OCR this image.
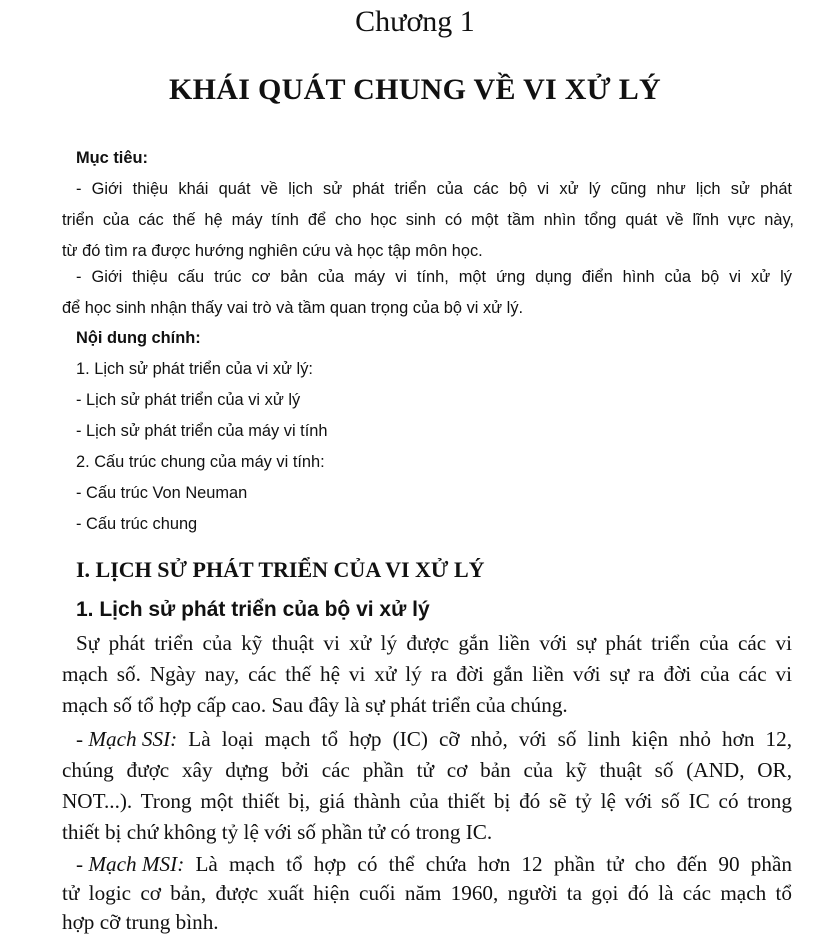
Chương 1
KHÁI QUÁT CHUNG VỀ VI XỬ LÝ
Mục tiêu:
- Giới thiệu khái quát về lịch sử phát triển của các bộ vi xử lý cũng như lịch sử phát
triển của các thế hệ máy tính để cho học sinh có một tầm nhìn tổng quát về lĩnh vực này,
từ đó tìm ra được hướng nghiên cứu và học tập môn học.
- Giới thiệu cấu trúc cơ bản của máy vi tính, một ứng dụng điển hình của bộ vi xử lý
để học sinh nhận thấy vai trò và tầm quan trọng của bộ vi xử lý.
Nội dung chính:
1. Lịch sử phát triển của vi xử lý:
- Lịch sử phát triển của vi xử lý
- Lịch sử phát triển của máy vi tính
2. Cấu trúc chung của máy vi tính:
- Cấu trúc Von Neuman
- Cấu trúc chung
I. LỊCH SỬ PHÁT TRIỂN CỦA VI XỬ LÝ
1. Lịch sử phát triển của bộ vi xử lý
Sự phát triển của kỹ thuật vi xử lý được gắn liền với sự phát triển của các vi
mạch số. Ngày nay, các thế hệ vi xử lý ra đời gắn liền với sự ra đời của các vi
mạch số tổ hợp cấp cao. Sau đây là sự phát triển của chúng.
- Mạch SSI: Là loại mạch tổ hợp (IC) cỡ nhỏ, với số linh kiện nhỏ hơn 12,
chúng được xây dựng bởi các phần tử cơ bản của kỹ thuật số (AND, OR,
NOT...). Trong một thiết bị, giá thành của thiết bị đó sẽ tỷ lệ với số IC có trong
thiết bị chứ không tỷ lệ với số phần tử có trong IC.
- Mạch MSI: Là mạch tổ hợp có thể chứa hơn 12 phần tử cho đến 90 phần
tử logic cơ bản, được xuất hiện cuối năm 1960, người ta gọi đó là các mạch tổ
hợp cỡ trung bình.
